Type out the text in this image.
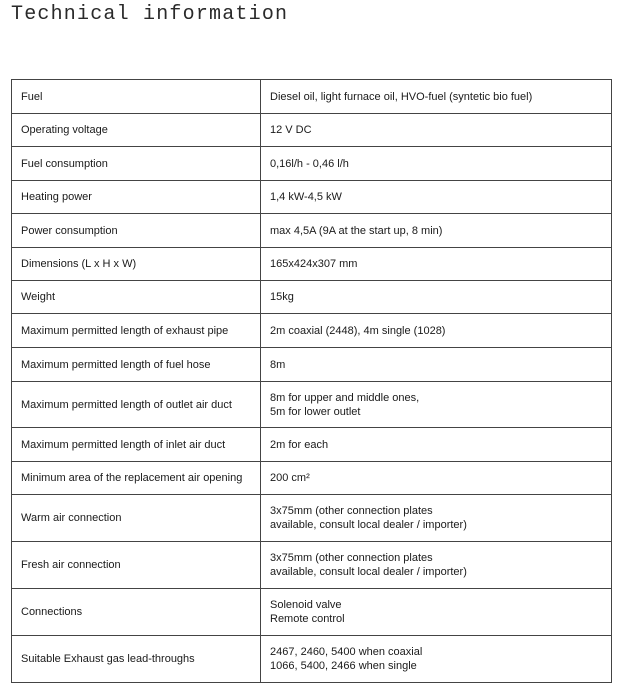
Technical information
Fuel	Diesel oil, light furnace oil, HVO-fuel (syntetic bio fuel)

Operating voltage	12 V DC

Fuel consumption	0,16l/h - 0,46 l/h

Heating power	1,4 kW-4,5 kW

Power consumption	max 4,5A (9A at the start up, 8 min)

Dimensions (L x H x W)	165x424x307 mm

Weight	15kg

Maximum permitted length of exhaust pipe	2m coaxial (2448), 4m single (1028)

Maximum permitted length of fuel hose	8m

Maximum permitted length of outlet air duct	8m for upper and middle ones,
5m for lower outlet

Maximum permitted length of inlet air duct	2m for each

Minimum area of the replacement air opening	200 cm²

Warm air connection	3x75mm (other connection plates
available, consult local dealer / importer)

Fresh air connection	3x75mm (other connection plates
available, consult local dealer / importer)

Connections	Solenoid valve
Remote control

Suitable Exhaust gas lead-throughs	2467, 2460, 5400 when coaxial
1066, 5400, 2466 when single
